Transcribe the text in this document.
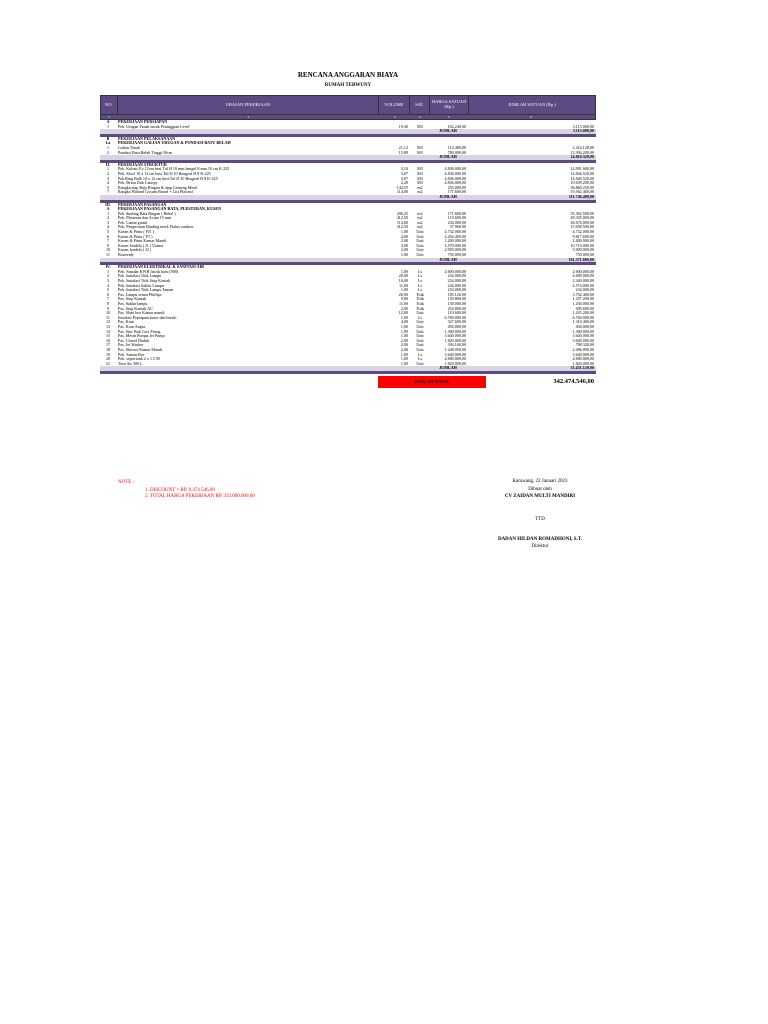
RENCANA ANGGARAN BIAYA
RUMAH TERWUNY
NO.	URAIAN PEKERJAAN	VOLUME	SAT.	HARGA SATUAN (Rp.)	JUMLAH SATUAN (Rp.)
1	2	3	4	5	6
A	PEKERJAAN PERSIAPAN
1	Pek. Urugan Tanah untuk Peninggian Level	19,30	M3	162.240,00	3.115.000,00
JUMLAH	3.115.000,00
B	PEKERJAAN PELAKSANAAN
I.a	PEKERJAAN GALIAN URUGAN & PONDASI BATU BELAH
1	Galian Tanah	21,12	M3	114.400,00	2.416.128,00
2	Pondasi Batu Belah Tinggi 50cm	15,89	M3	780.000,00	12.394.200,00
JUMLAH	14.810.328,00
II.	PEKERJAAN STRUKTUR
1	Pek. Kolom 8 x 12cm besi Tul Ø 10 mm beugel 8 mm 10 cm K 225	3,10	M3	4.836.000,00	14.991.600,00
2	Pek. Sloof 10 x 12 cm besi Tul Ø 10 Beugeul Ø 8 K-225	3,07	M3	4.836.000,00	14.846.520,00
3	Pek.Ring Balk 10 x 12 cm besi Tul Ø 10 Beugeul Ø 8 K-225	3,07	M3	4.836.000,00	14.846.520,00
4	Pek. Beton Dak Canopy	2,20	M3	4.836.000,00	10.639.200,00
5	Rangka atap Baja Ringan & atap Genteng Metal	144,55	m2	255.000,00	36.860.250,00
7	Rangka Plafond Gysum Board + List Plafond	114,00	m2	171.600,00	19.562.400,00
JUMLAH	111.746.490,00
III.	PEKERJAAN PASANGAN
A	PEKERJAAN PASANGAN BATA, PLESTERAN, KUSEN
1	Pek. dinding Bata Ringan ( Hebel )	206,25	m2	171.600,00	35.392.500,00
2	Pek. Plesteran dan Acian 15 mm	412,50	m2	119.600,00	49.335.000,00
3	Pek. Lantai granit	114,00	m2	234.000,00	26.676.000,00
4	Pek. Pengecatan Dinding merk Dulux outdoor	412,50	m2	37.960,00	15.658.500,00
5	Kusen & Pintu ( PJ1 )	1,00	Unit	4.732.000,00	4.732.000,00
6	Kusen & Pintu ( P1 )	4,00	Unit	2.454.400,00	9.817.600,00
7	Kusen & Pintu Kamar Mandi	2,00	Unit	1.200.000,00	2.400.000,00
9	Kusen Jendela ( J1 ) Utama	3,00	Unit	3.570.000,00	10.710.000,00
10	Kusen Jendela ( J2 )	2,00	Unit	2.950.000,00	5.900.000,00
11	Bouvenly	1,00	Unit	750.000,00	750.000,00
JUMLAH	161.371.600,00
IV.	PEKERJAAN ELEKTRIKAL & SANITASI AIR
1	Pek. Standar KWH listrik baru (900)	1,00	Ls	2.600.000,00	2.600.000,00
2	Pek. Instalasi Titik Lampu	20,00	Ls	234.000,00	4.680.000,00
3	Pek. Instalasi Titik Stop Kontak	10,00	Ls	234.000,00	2.340.000,00
4	Pek. Instalasi Saklar Lampu	11,00	Ls	234.000,00	2.574.000,00
5	Pek. Instalasi Titik Lampu Taman	1,00	Ls	234.000,00	234.000,00
6	Pas. Lampu setara Phillips	20,00	Titik	185.120,00	3.702.400,00
7	Pas. Stop Kontak	9,00	Titik	150.800,00	1.357.200,00
8	Pas. Saklar lampu	11,00	Titik	130.000,00	1.430.000,00
9	Pas. Stop Kontak AC	2,00	Titik	254.800,00	509.600,00
10	Pas. Slant boz Kamar mandi	12,00	Unit	119.600,00	1.435.200,00
11	Instalasi Pepiapam kotor dan bersih	1,00	Ls	6.760.000,00	6.760.000,00
12	Pas. Kran	4,00	Unit	327.600,00	1.310.400,00
13	Pas. Kran Angsa	1,00	Unit	494.000,00	494.000,00
14	Pas. Sinc Bak Cuci Piring	1,00	Unit	1.300.000,00	1.300.000,00
15	Pas. Mesin Pompa Jet Pump	1,00	Unit	3.640.000,00	3.640.000,00
16	Pas. Closed Duduk	2,00	Unit	1.820.000,00	3.640.000,00
17	Pas. Jet Washer	2,00	Unit	394.160,00	788.320,00
18	Pas. Shower Kamar Mandi	2,00	Unit	1.248.000,00	2.496.000,00
19	Pek. Sumur Bor	1,00	Ls	3.640.000,00	3.640.000,00
20	Pek. septictank 2 x 1.5 M	1,00	Ls	4.680.000,00	4.680.000,00
21	Torn Air 500 L	1,00	Unit	1.820.000,00	1.820.000,00
JUMLAH	51.431.120,00
JUMLAH TOTAL	342.474.546,00
NOTE :
1. DISCOUNT = RP. 9.474.546,00
2. TOTAL HARGA PEKERJAAN RP. 333.000.000,00
Karawang, 22 Januari 2023
Dibuat oleh
CV ZAIDAN MULTI MANDIRI
TTD
DADAN HILDAN ROMADHONI, S.T.
Direktur
